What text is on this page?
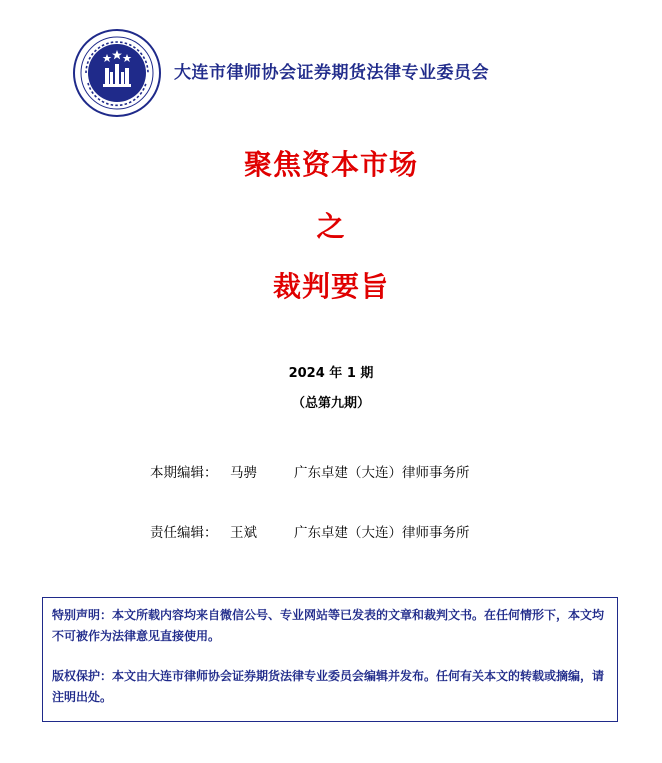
大连市律师协会证券期货法律专业委员会
聚焦资本市场
之
裁判要旨
2024 年 1 期
（总第九期）
本期编辑： 马骋	广东卓建（大连）律师事务所
责任编辑： 王斌	广东卓建（大连）律师事务所

特别声明：本文所载内容均来自微信公号、专业网站等已发表的文章和裁判文书。在任何情形下，本文均不可被作为法律意见直接使用。

版权保护：本文由大连市律师协会证券期货法律专业委员会编辑并发布。任何有关本文的转载或摘编，请注明出处。
